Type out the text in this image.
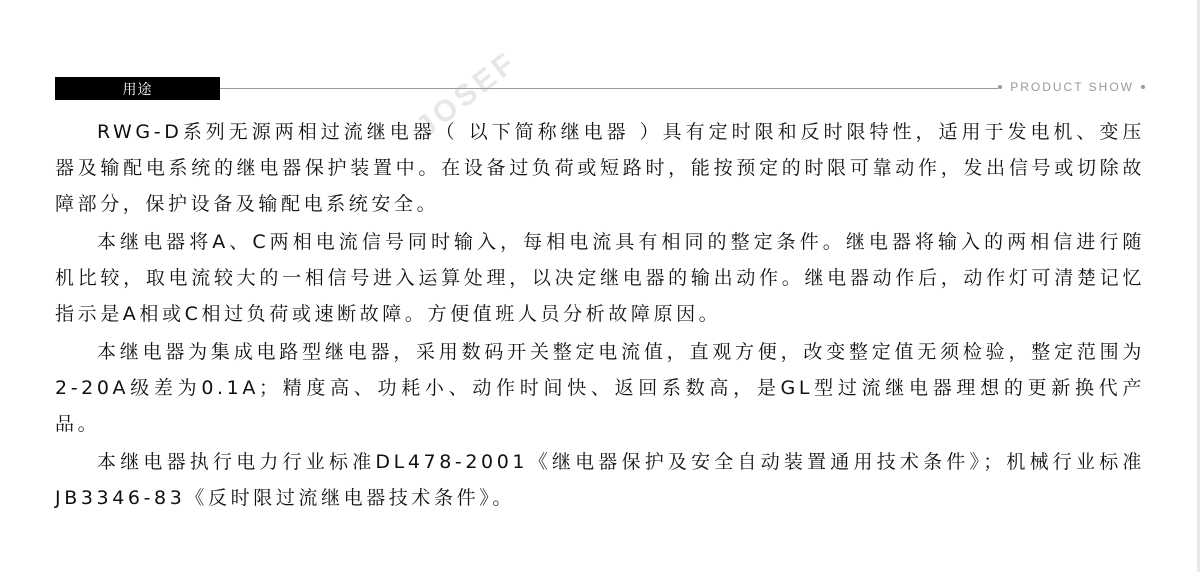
用途	PRODUCT SHOW
JOSEF

RWG-D系列无源两相过流继电器（ 以下简称继电器 ）具有定时限和反时限特性，适用于发电机、变压器及输配电系统的继电器保护装置中。在设备过负荷或短路时，能按预定的时限可靠动作，发出信号或切除故障部分，保护设备及输配电系统安全。

本继电器将A、C两相电流信号同时输入，每相电流具有相同的整定条件。继电器将输入的两相信进行随机比较，取电流较大的一相信号进入运算处理，以决定继电器的输出动作。继电器动作后，动作灯可清楚记忆指示是A相或C相过负荷或速断故障。方便值班人员分析故障原因。

本继电器为集成电路型继电器，采用数码开关整定电流值，直观方便，改变整定值无须检验，整定范围为2-20A级差为0.1A；精度高、功耗小、动作时间快、返回系数高，是GL型过流继电器理想的更新换代产品。

本继电器执行电力行业标准DL478-2001《继电器保护及安全自动装置通用技术条件》；机械行业标准JB3346-83《反时限过流继电器技术条件》。
